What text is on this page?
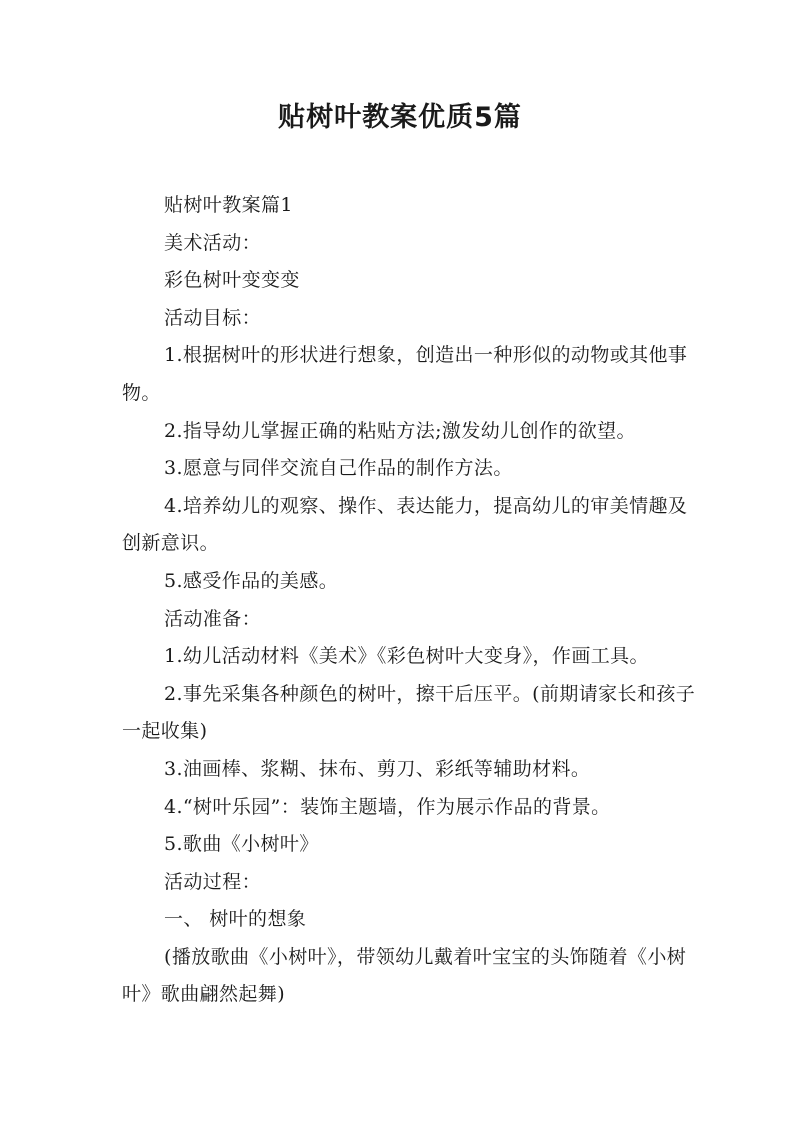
贴树叶教案优质5篇

贴树叶教案篇1

美术活动：

彩色树叶变变变

活动目标：

1.根据树叶的形状进行想象，创造出一种形似的动物或其他事物。

2.指导幼儿掌握正确的粘贴方法;激发幼儿创作的欲望。

3.愿意与同伴交流自己作品的制作方法。

4.培养幼儿的观察、操作、表达能力，提高幼儿的审美情趣及创新意识。

5.感受作品的美感。

活动准备：

1.幼儿活动材料《美术》《彩色树叶大变身》，作画工具。

2.事先采集各种颜色的树叶，擦干后压平。(前期请家长和孩子一起收集)

3.油画棒、浆糊、抹布、剪刀、彩纸等辅助材料。

4.“树叶乐园”：装饰主题墙，作为展示作品的背景。

5.歌曲《小树叶》

活动过程：

一、 树叶的想象

(播放歌曲《小树叶》，带领幼儿戴着叶宝宝的头饰随着《小树叶》歌曲翩然起舞)
